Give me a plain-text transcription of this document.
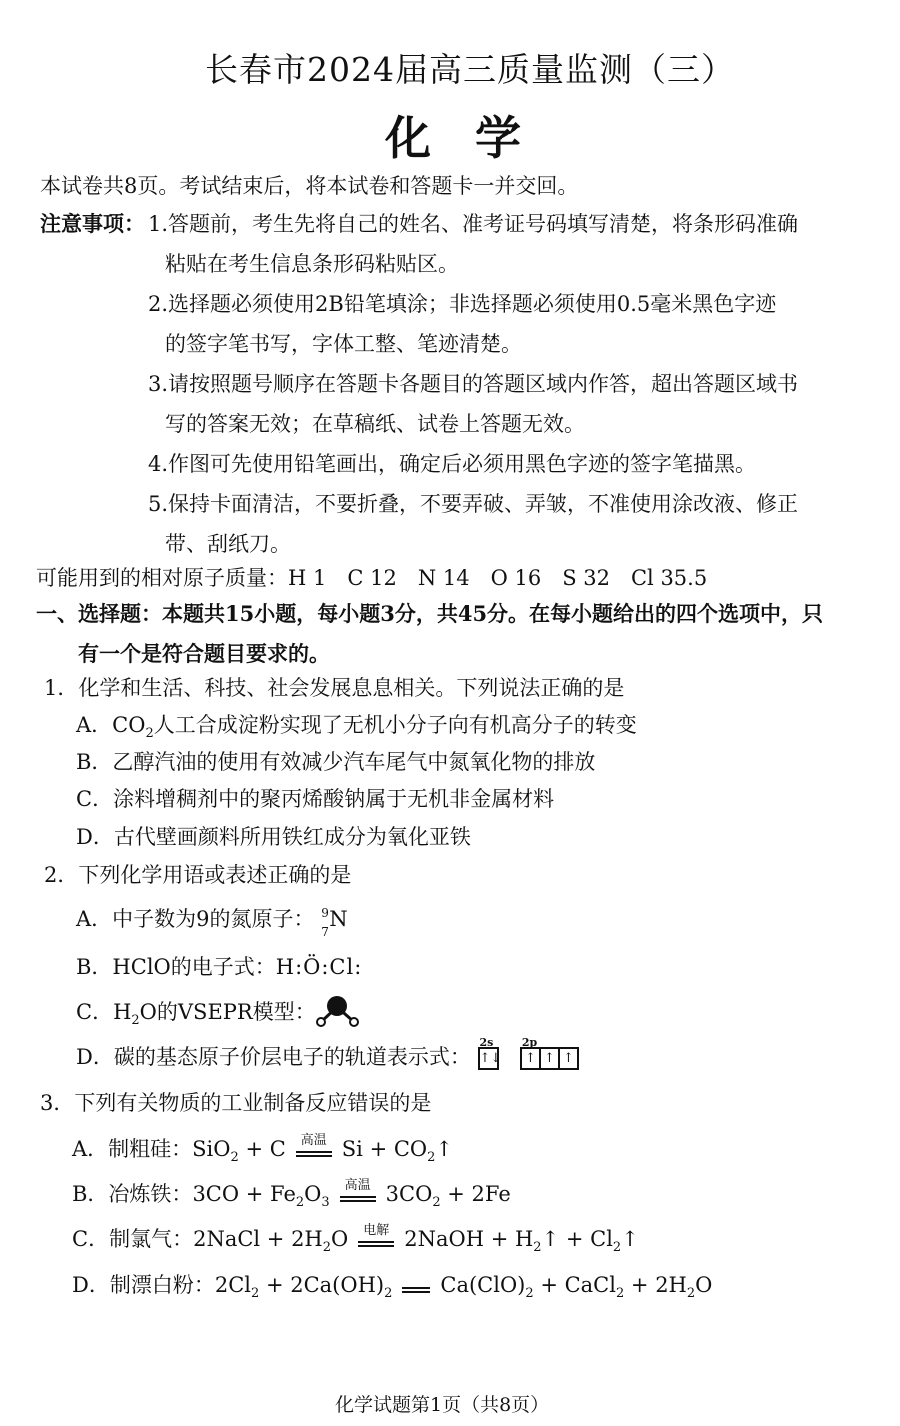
长春市2024届高三质量监测（三）
化学
本试卷共8页。考试结束后，将本试卷和答题卡一并交回。
注意事项： 1.答题前，考生先将自己的姓名、准考证号码填写清楚，将条形码准确
粘贴在考生信息条形码粘贴区。
2.选择题必须使用2B铅笔填涂；非选择题必须使用0.5毫米黑色字迹
的签字笔书写，字体工整、笔迹清楚。
3.请按照题号顺序在答题卡各题目的答题区域内作答，超出答题区域书
写的答案无效；在草稿纸、试卷上答题无效。
4.作图可先使用铅笔画出，确定后必须用黑色字迹的签字笔描黑。
5.保持卡面清洁，不要折叠，不要弄破、弄皱，不准使用涂改液、修正
带、刮纸刀。
可能用到的相对原子质量：H 1　C 12　N 14　O 16　S 32　Cl 35.5
一、选择题：本题共15小题，每小题3分，共45分。在每小题给出的四个选项中，只
有一个是符合题目要求的。
1．化学和生活、科技、社会发展息息相关。下列说法正确的是
A．$CO_2$人工合成淀粉实现了无机小分子向有机高分子的转变
B．乙醇汽油的使用有效减少汽车尾气中氮氧化物的排放
C．涂料增稠剂中的聚丙烯酸钠属于无机非金属材料
D．古代壁画颜料所用铁红成分为氧化亚铁
2．下列化学用语或表述正确的是
A．中子数为9的氮原子： 9
7
N
B．HClO的电子式：H:Ö:Cl:
C．$H_2O$的VSEPR模型：
D．碳的基态原子价层电子的轨道表示式：
2s
↑↓
2p
↑ ↑ ↑
3．下列有关物质的工业制备反应错误的是
A．制粗硅：SiO$_2$ + C	高温 $Si + CO_2↑$
B．冶炼铁：$3CO + Fe_2O_3$
高温 $3CO_2 + 2Fe$
C．制氯气：2NaCl + $2H_2O$	电解 2NaOH + $H_2↑$ + $Cl_2↑$
D．制漂白粉：$2Cl_2 + 2Ca(OH)_2$ $Ca(ClO)_2$ + CaCl$_2$ + $2H_2O$
化学试题第1页（共8页）
